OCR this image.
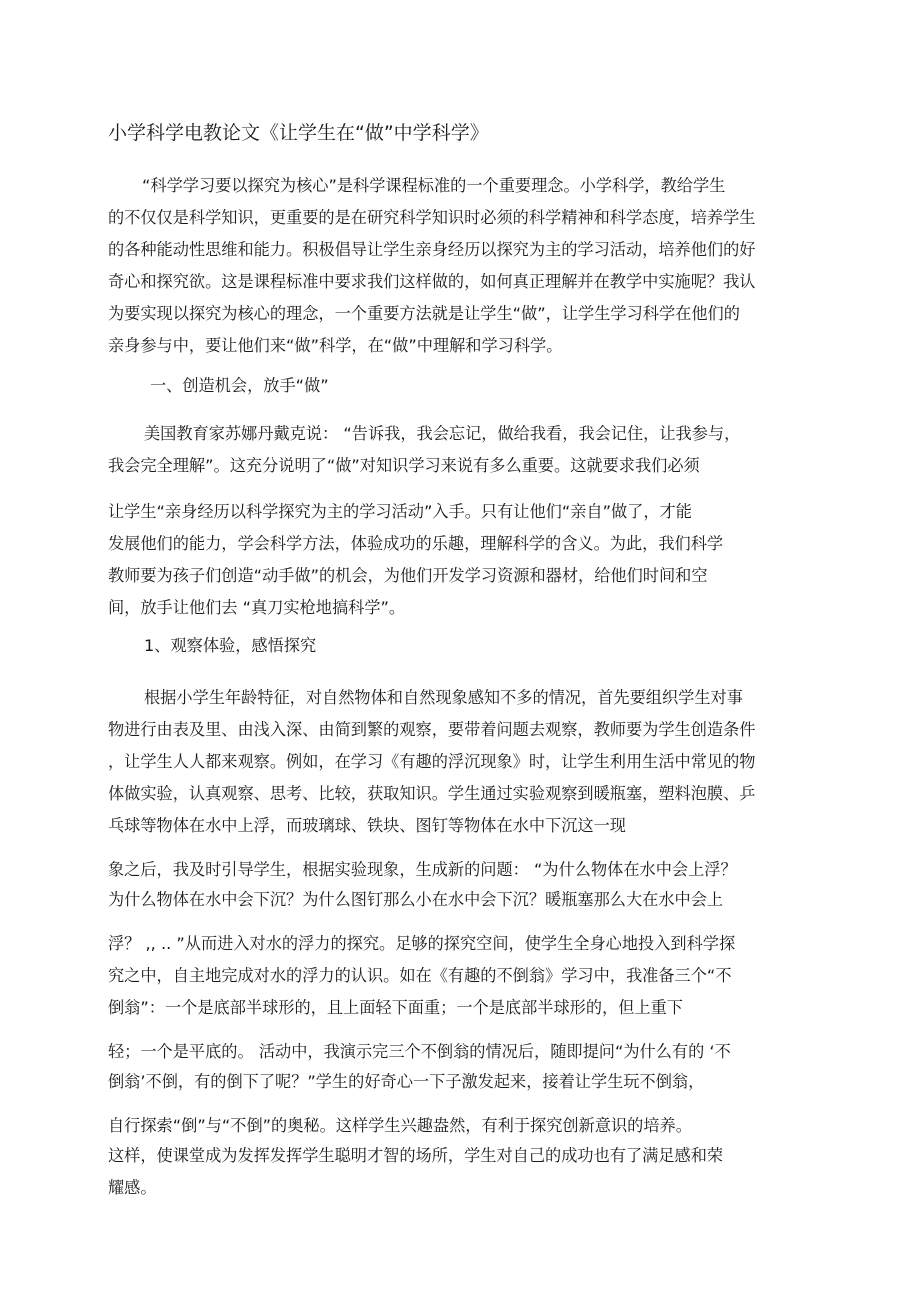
小学科学电教论文《让学生在“做”中学科学》

“科学学习要以探究为核心”是科学课程标准的一个重要理念。小学科学，教给学生

的不仅仅是科学知识，更重要的是在研究科学知识时必须的科学精神和科学态度，培养学生

的各种能动性思维和能力。积极倡导让学生亲身经历以探究为主的学习活动，培养他们的好

奇心和探究欲。这是课程标准中要求我们这样做的，如何真正理解并在教学中实施呢？我认

为要实现以探究为核心的理念，一个重要方法就是让学生“做”，让学生学习科学在他们的

亲身参与中，要让他们来“做”科学，在“做”中理解和学习科学。

一、创造机会，放手“做”

美国教育家苏娜丹戴克说： “告诉我，我会忘记，做给我看，我会记住，让我参与，

我会完全理解”。这充分说明了“做”对知识学习来说有多么重要。这就要求我们必须

让学生“亲身经历以科学探究为主的学习活动”入手。只有让他们“亲自”做了，才能

发展他们的能力，学会科学方法，体验成功的乐趣，理解科学的含义。为此，我们科学

教师要为孩子们创造“动手做”的机会，为他们开发学习资源和器材，给他们时间和空

间，放手让他们去 “真刀实枪地搞科学”。

1、观察体验，感悟探究

根据小学生年龄特征，对自然物体和自然现象感知不多的情况，首先要组织学生对事

物进行由表及里、由浅入深、由简到繁的观察，要带着问题去观察，教师要为学生创造条件

，让学生人人都来观察。例如，在学习《有趣的浮沉现象》时，让学生利用生活中常见的物

体做实验，认真观察、思考、比较，获取知识。学生通过实验观察到暖瓶塞，塑料泡膜、乒

乓球等物体在水中上浮，而玻璃球、铁块、图钉等物体在水中下沉这一现

象之后，我及时引导学生，根据实验现象，生成新的问题： “为什么物体在水中会上浮？

为什么物体在水中会下沉？为什么图钉那么小在水中会下沉？暖瓶塞那么大在水中会上

浮？ ,, .. ”从而进入对水的浮力的探究。足够的探究空间，使学生全身心地投入到科学探

究之中，自主地完成对水的浮力的认识。如在《有趣的不倒翁》学习中，我准备三个“不

倒翁”：一个是底部半球形的，且上面轻下面重；一个是底部半球形的，但上重下

轻；一个是平底的。 活动中，我演示完三个不倒翁的情况后，随即提问“为什么有的 ‘不

倒翁’不倒，有的倒下了呢？”学生的好奇心一下子激发起来，接着让学生玩不倒翁，

自行探索“倒”与“不倒”的奥秘。这样学生兴趣盎然，有利于探究创新意识的培养。

这样，使课堂成为发挥发挥学生聪明才智的场所，学生对自己的成功也有了满足感和荣

耀感。
